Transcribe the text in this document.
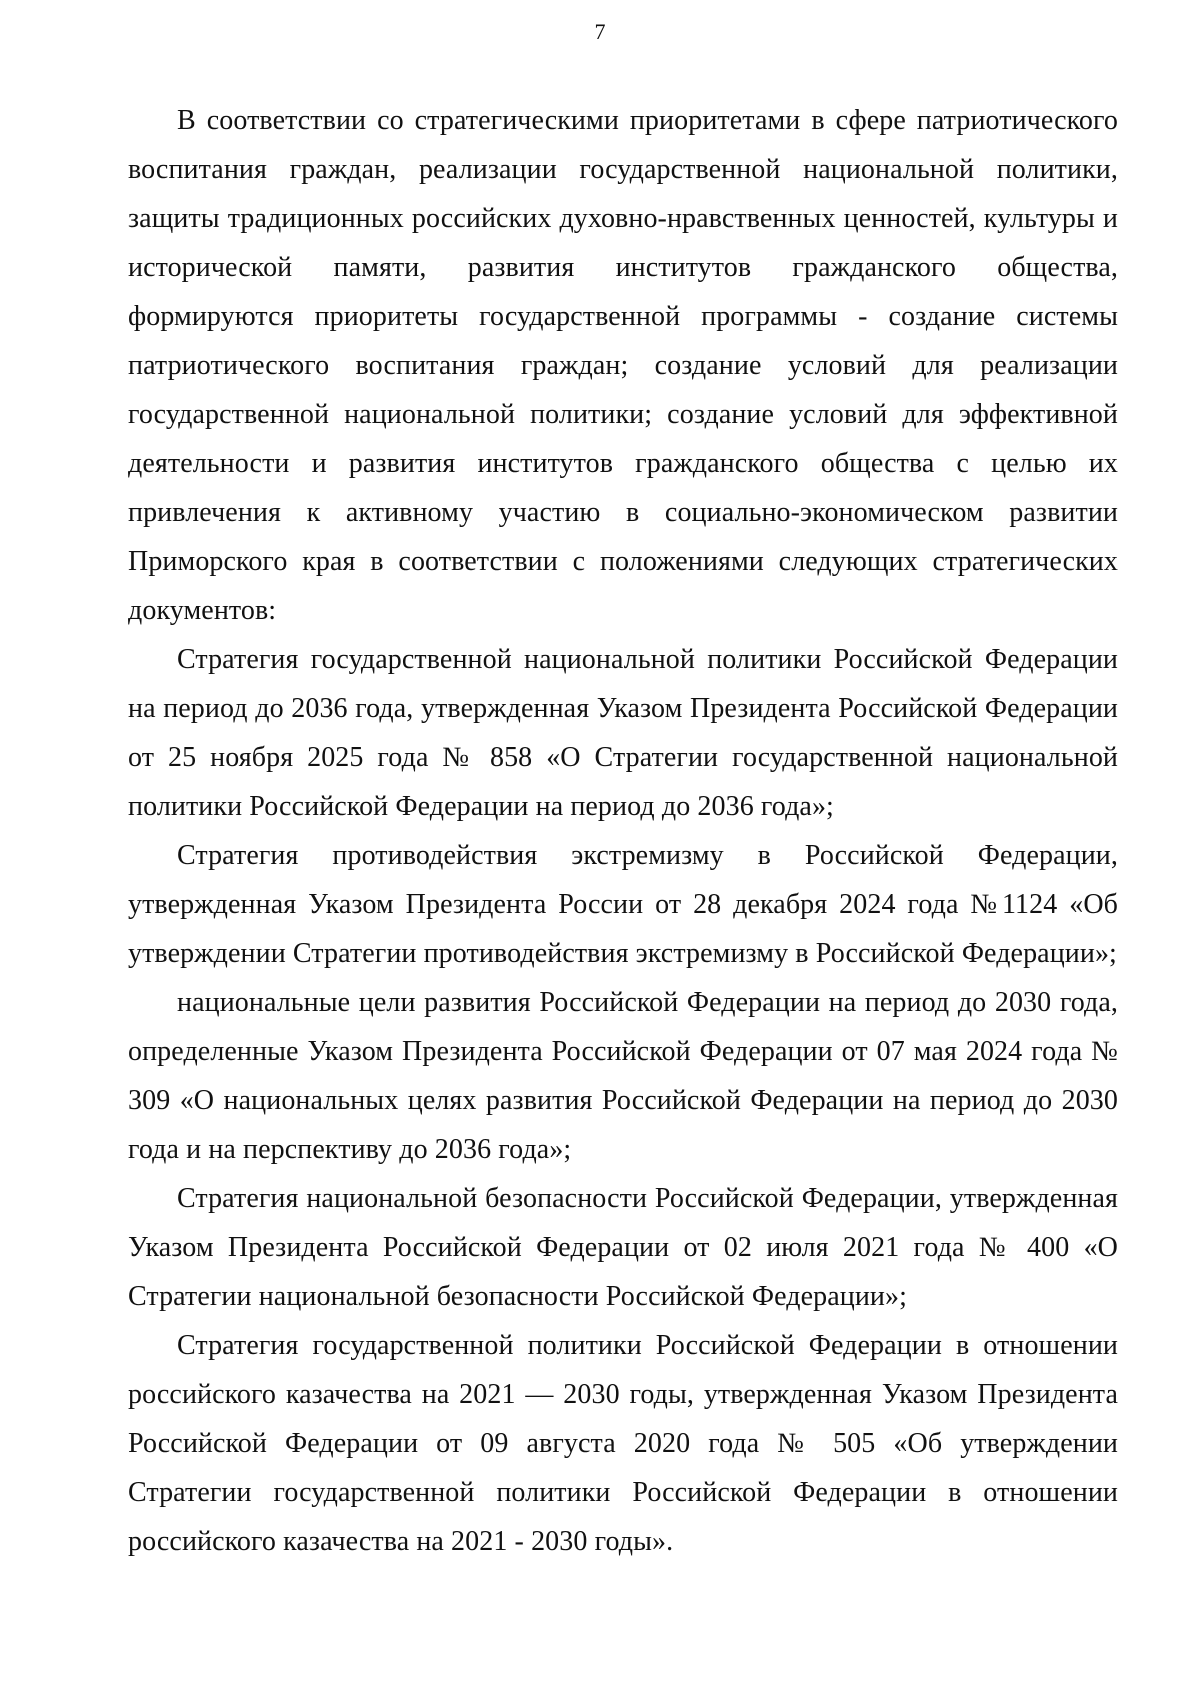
7

В соответствии со стратегическими приоритетами в сфере патриотического воспитания граждан, реализации государственной национальной политики, защиты традиционных российских духовно-нравственных ценностей, культуры и исторической памяти, развития институтов гражданского общества, формируются приоритеты государственной программы - создание системы патриотического воспитания граждан; создание условий для реализации государственной национальной политики; создание условий для эффективной деятельности и развития институтов гражданского общества с целью их привлечения к активному участию в социально-экономическом развитии Приморского края в соответствии с положениями следующих стратегических документов:

Стратегия государственной национальной политики Российской Федерации на период до 2036 года, утвержденная Указом Президента Российской Федерации от 25 ноября 2025 года № 858 «О Стратегии государственной национальной политики Российской Федерации на период до 2036 года»;

Стратегия противодействия экстремизму в Российской Федерации, утвержденная Указом Президента России от 28 декабря 2024 года №1124 «Об утверждении Стратегии противодействия экстремизму в Российской Федерации»;

национальные цели развития Российской Федерации на период до 2030 года, определенные Указом Президента Российской Федерации от 07 мая 2024 года № 309 «О национальных целях развития Российской Федерации на период до 2030 года и на перспективу до 2036 года»;

Стратегия национальной безопасности Российской Федерации, утвержденная Указом Президента Российской Федерации от 02 июля 2021 года № 400 «О Стратегии национальной безопасности Российской Федерации»;

Стратегия государственной политики Российской Федерации в отношении российского казачества на 2021 — 2030 годы, утвержденная Указом Президента Российской Федерации от 09 августа 2020 года № 505 «Об утверждении Стратегии государственной политики Российской Федерации в отношении российского казачества на 2021 - 2030 годы».
